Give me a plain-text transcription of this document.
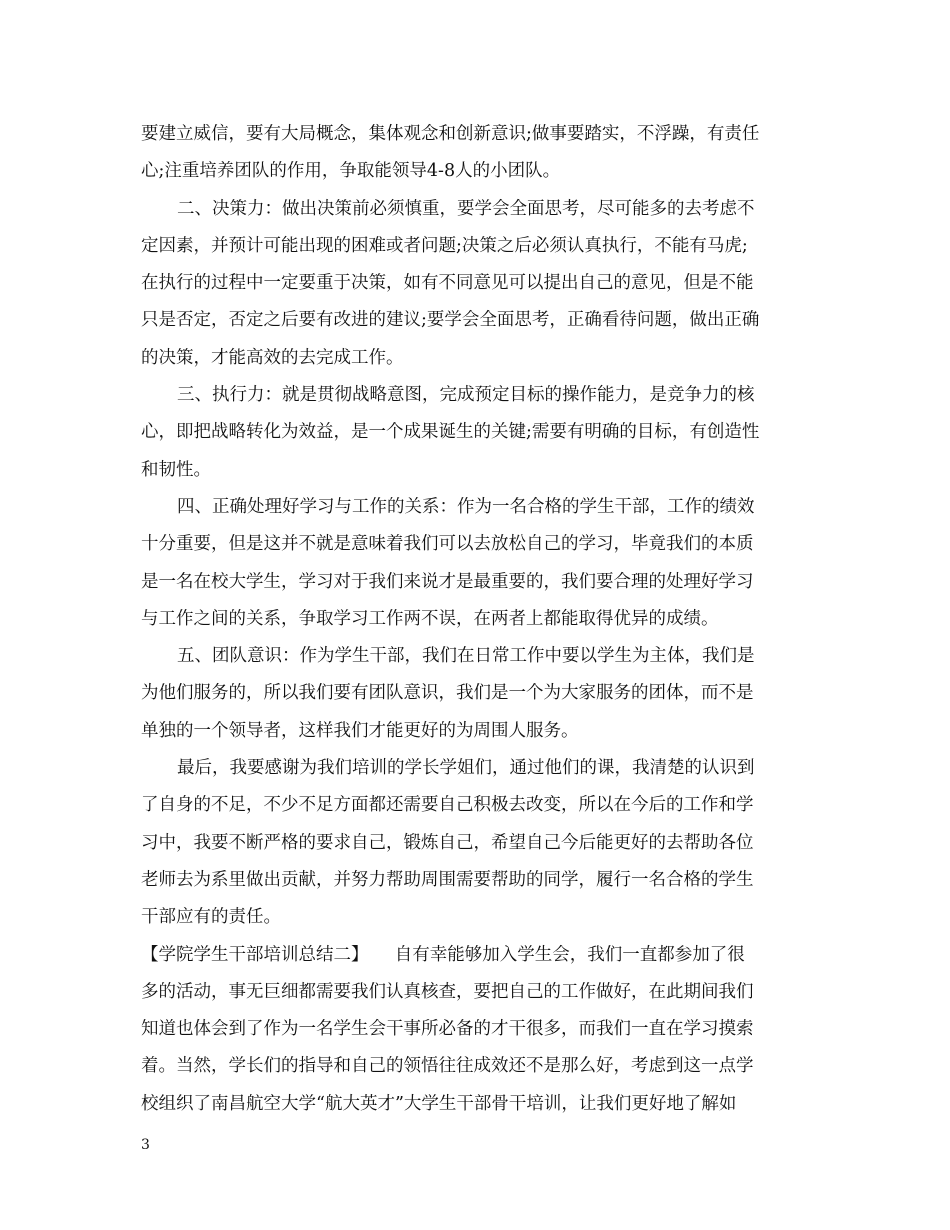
要建立威信，要有大局概念，集体观念和创新意识;做事要踏实，不浮躁，有责任
心;注重培养团队的作用，争取能领导4-8人的小团队。
二、决策力：做出决策前必须慎重，要学会全面思考，尽可能多的去考虑不
定因素，并预计可能出现的困难或者问题;决策之后必须认真执行，不能有马虎;
在执行的过程中一定要重于决策，如有不同意见可以提出自己的意见，但是不能
只是否定，否定之后要有改进的建议;要学会全面思考，正确看待问题，做出正确
的决策，才能高效的去完成工作。
三、执行力：就是贯彻战略意图，完成预定目标的操作能力，是竞争力的核
心，即把战略转化为效益，是一个成果诞生的关键;需要有明确的目标，有创造性
和韧性。
四、正确处理好学习与工作的关系：作为一名合格的学生干部，工作的绩效
十分重要，但是这并不就是意味着我们可以去放松自己的学习，毕竟我们的本质
是一名在校大学生，学习对于我们来说才是最重要的，我们要合理的处理好学习
与工作之间的关系，争取学习工作两不误，在两者上都能取得优异的成绩。
五、团队意识：作为学生干部，我们在日常工作中要以学生为主体，我们是
为他们服务的，所以我们要有团队意识，我们是一个为大家服务的团体，而不是
单独的一个领导者，这样我们才能更好的为周围人服务。
最后，我要感谢为我们培训的学长学姐们，通过他们的课，我清楚的认识到
了自身的不足，不少不足方面都还需要自己积极去改变，所以在今后的工作和学
习中，我要不断严格的要求自己，锻炼自己，希望自己今后能更好的去帮助各位
老师去为系里做出贡献，并努力帮助周围需要帮助的同学，履行一名合格的学生
干部应有的责任。
【学院学生干部培训总结二】　　自有幸能够加入学生会，我们一直都参加了很
多的活动，事无巨细都需要我们认真核查，要把自己的工作做好，在此期间我们
知道也体会到了作为一名学生会干事所必备的才干很多，而我们一直在学习摸索
着。当然，学长们的指导和自己的领悟往往成效还不是那么好，考虑到这一点学
校组织了南昌航空大学“航大英才”大学生干部骨干培训，让我们更好地了解如
3
